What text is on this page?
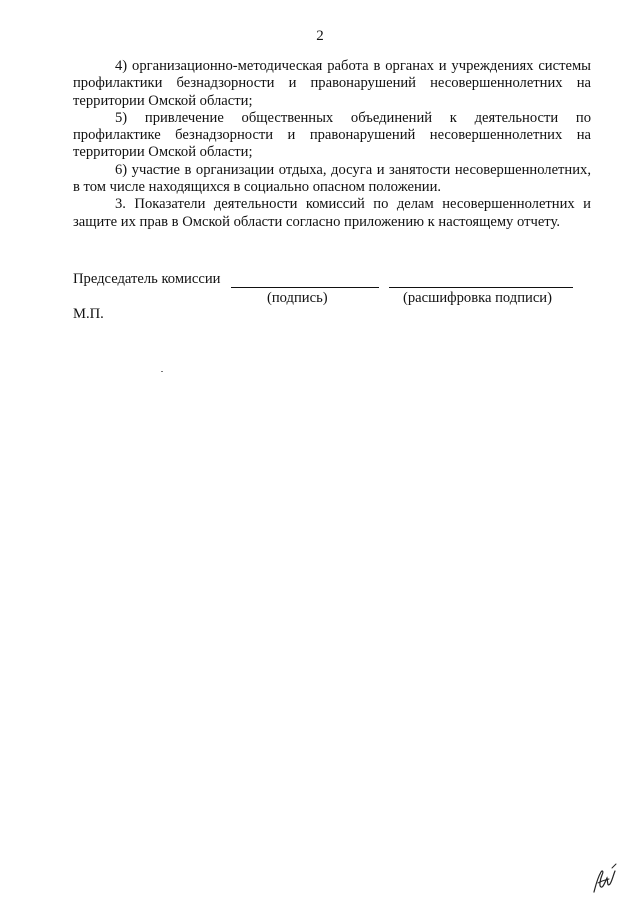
2

4) организационно-методическая работа в органах и учреждениях системы профилактики безнадзорности и правонарушений несовершеннолетних на территории Омской области;

5) привлечение общественных объединений к деятельности по профилактике безнадзорности и правонарушений несовершеннолетних на территории Омской области;

6) участие в организации отдыха, досуга и занятости несовершеннолетних, в том числе находящихся в социально опасном положении.

3. Показатели деятельности комиссий по делам несовершеннолетних и защите их прав в Омской области согласно приложению к настоящему отчету.

Председатель комиссии
(подпись)	(расшифровка подписи)
М.П.
